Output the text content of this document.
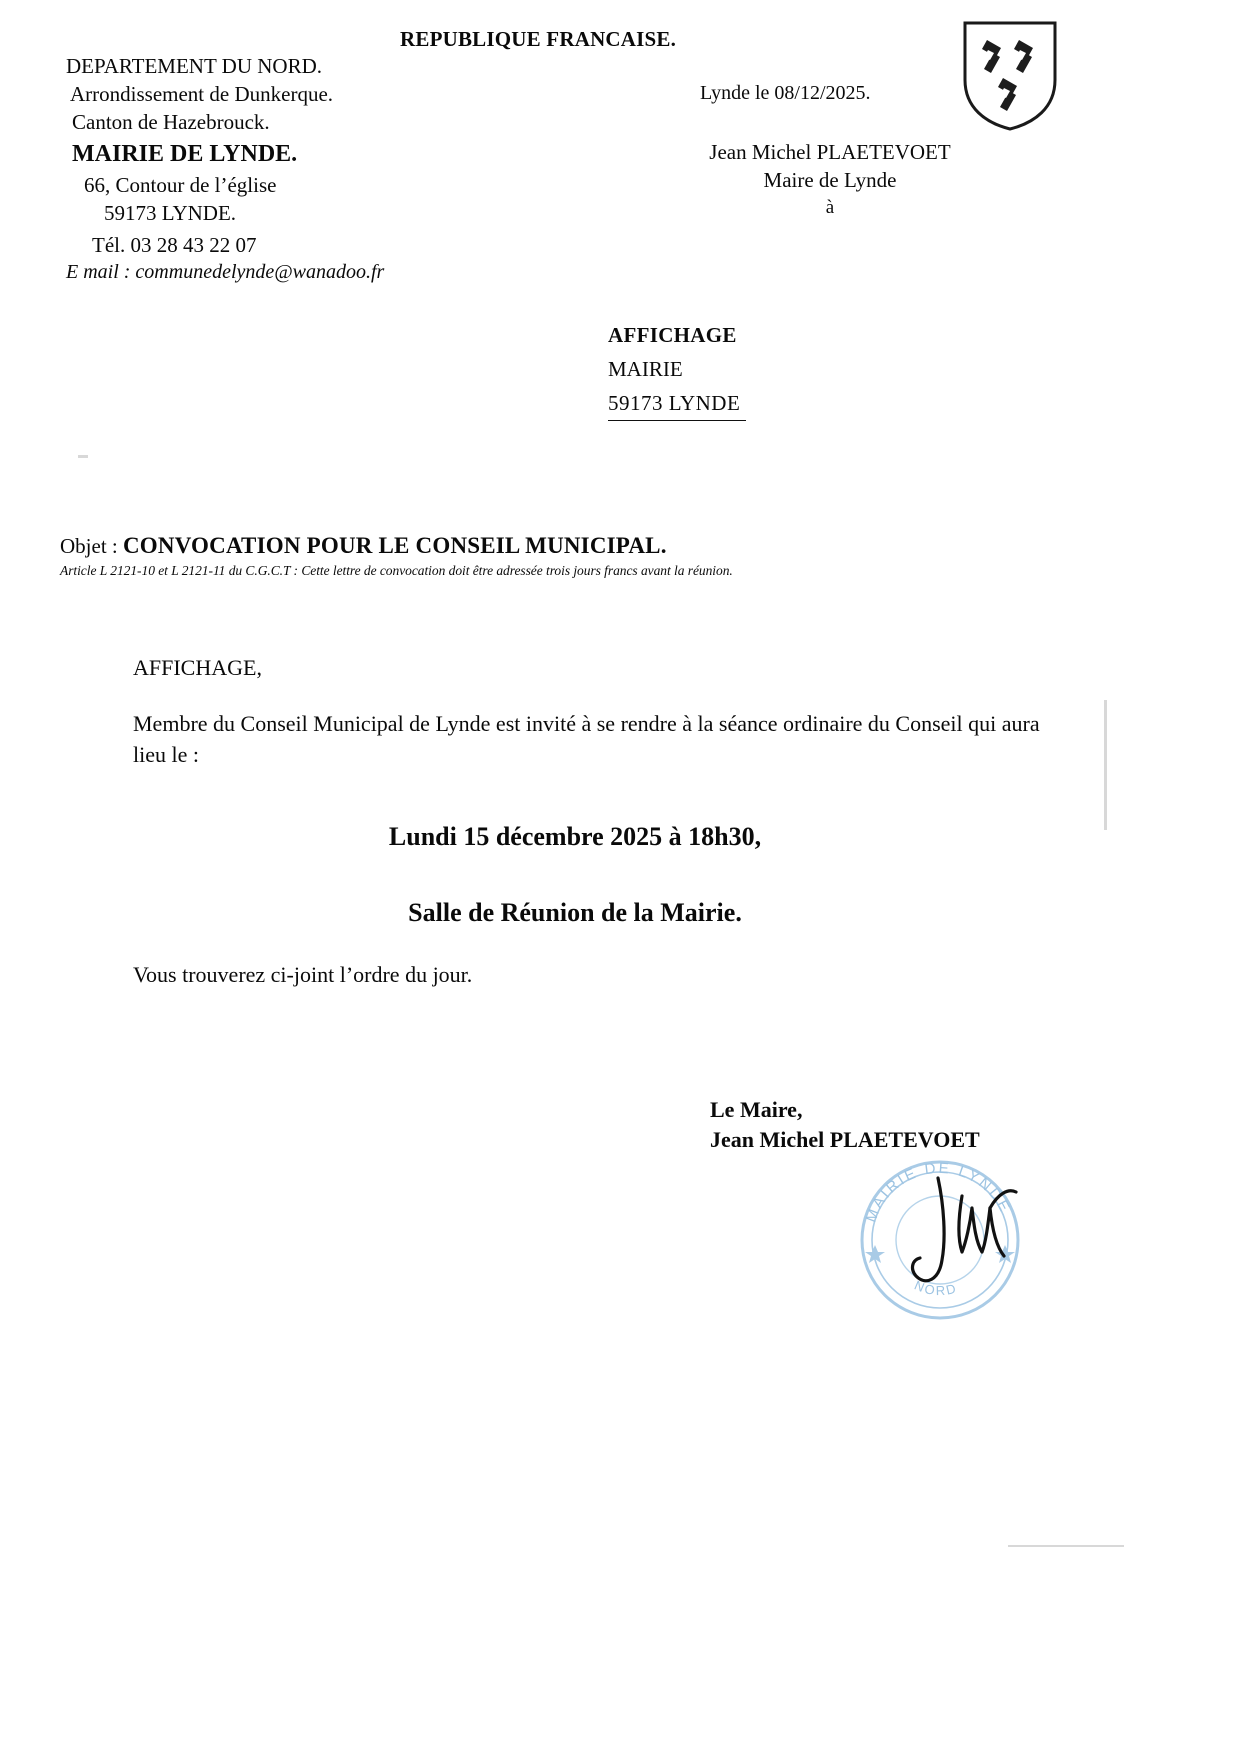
REPUBLIQUE FRANCAISE.
DEPARTEMENT DU NORD.
Arrondissement de Dunkerque.
Canton de Hazebrouck.
MAIRIE DE LYNDE.
66, Contour de l’église
59173 LYNDE.
Tél. 03 28 43 22 07
E mail : communedelynde@wanadoo.fr
Lynde le 08/12/2025.
Jean Michel PLAETEVOET
Maire de Lynde
à
AFFICHAGE
MAIRIE
59173 LYNDE
Objet : CONVOCATION POUR LE CONSEIL MUNICIPAL.
Article L 2121-10 et L 2121-11 du C.G.C.T : Cette lettre de convocation doit être adressée trois jours francs avant la réunion.
AFFICHAGE,
Membre du Conseil Municipal de Lynde est invité à se rendre à la séance ordinaire du Conseil qui aura lieu le :
Lundi 15 décembre 2025 à 18h30,
Salle de Réunion de la Mairie.
Vous trouverez ci-joint l’ordre du jour.
Le Maire,
Jean Michel PLAETEVOET
MAIRIE DE LYNDE
NORD
